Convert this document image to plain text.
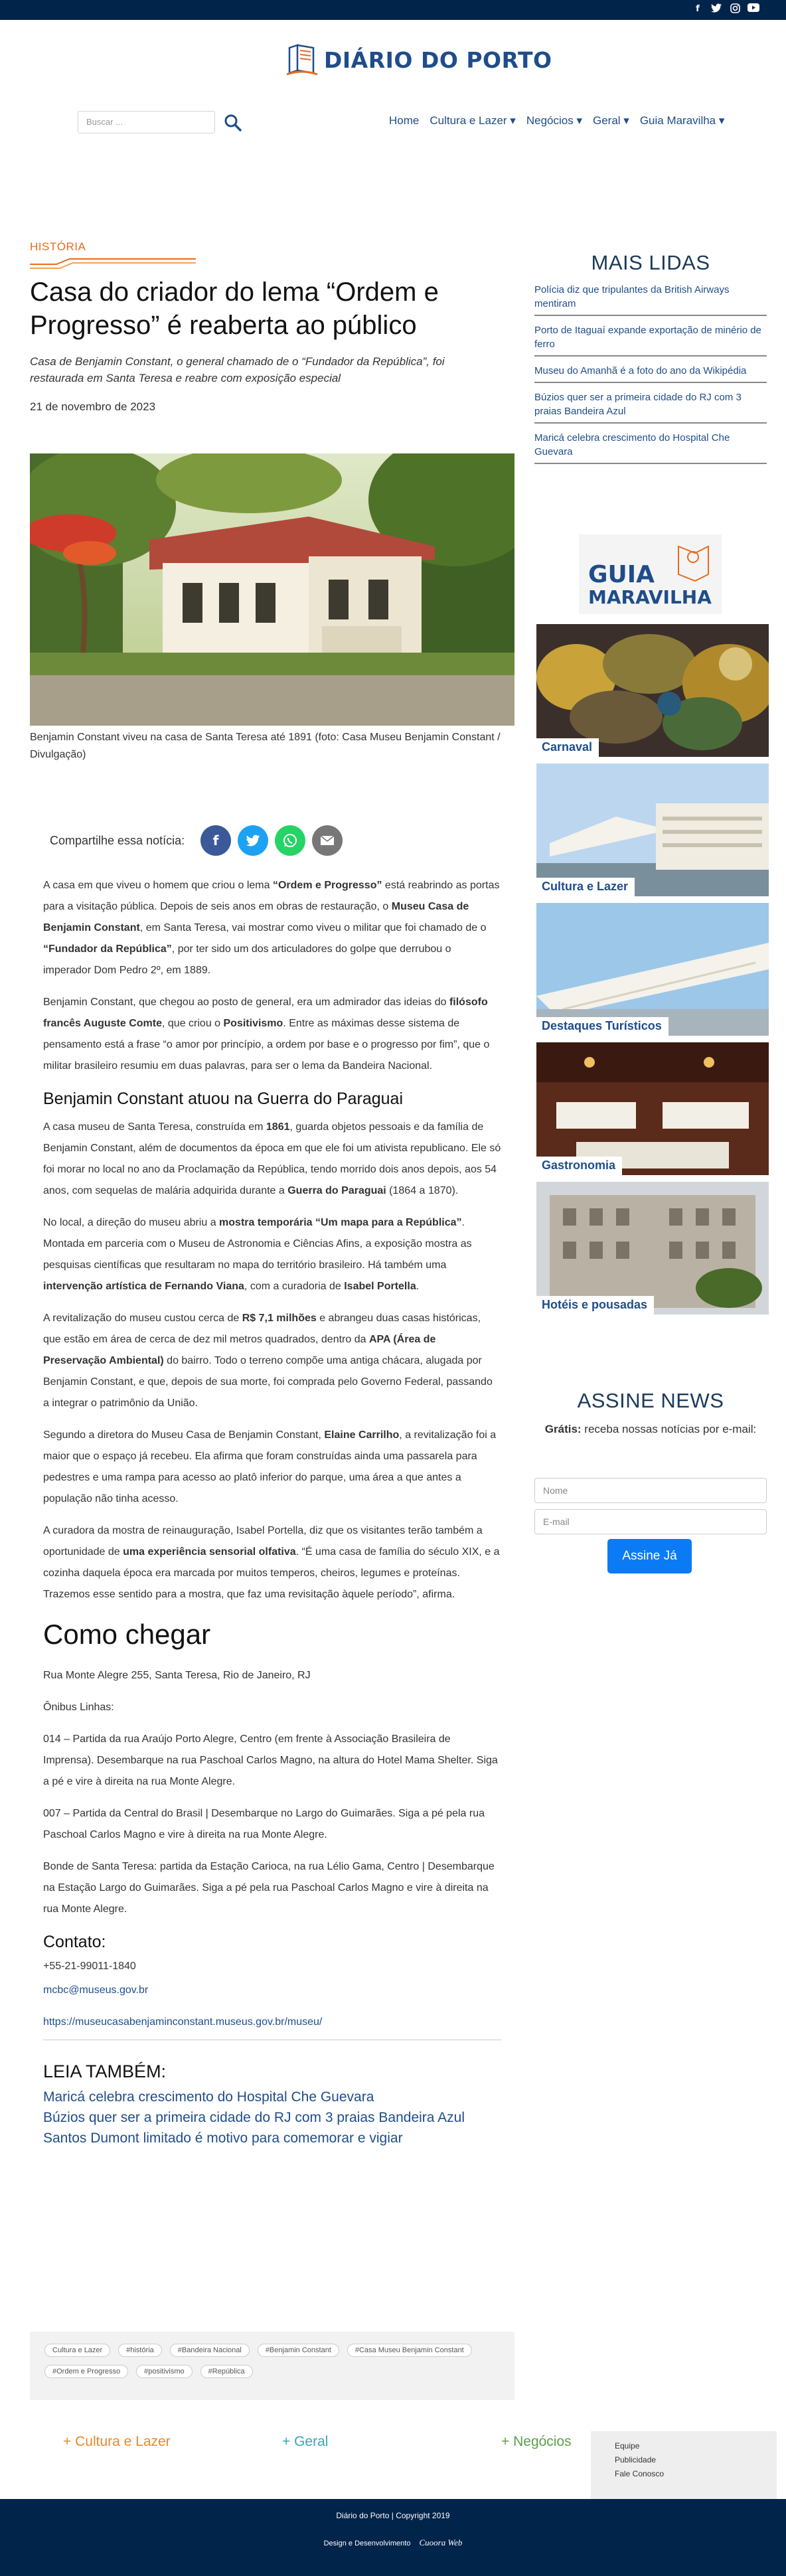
f
DIÁRIO DO PORTO
Buscar ...	Home Cultura e Lazer ▾ Negócios ▾ Geral ▾ Guia Maravilha ▾
HISTÓRIA
Casa do criador do lema “Ordem e Progresso” é reaberta ao público
Casa de Benjamin Constant, o general chamado de o “Fundador da República”, foi restaurada em Santa Teresa e reabre com exposição especial
21 de novembro de 2023
Benjamin Constant viveu na casa de Santa Teresa até 1891 (foto: Casa Museu Benjamin Constant / Divulgação)
Compartilhe essa notícia:	f

A casa em que viveu o homem que criou o lema “Ordem e Progresso” está reabrindo as portas para a visitação pública. Depois de seis anos em obras de restauração, o Museu Casa de Benjamin Constant, em Santa Teresa, vai mostrar como viveu o militar que foi chamado de o “Fundador da República”, por ter sido um dos articuladores do golpe que derrubou o imperador Dom Pedro 2º, em 1889.

Benjamin Constant, que chegou ao posto de general, era um admirador das ideias do filósofo francês Auguste Comte, que criou o Positivismo. Entre as máximas desse sistema de pensamento está a frase “o amor por princípio, a ordem por base e o progresso por fim”, que o militar brasileiro resumiu em duas palavras, para ser o lema da Bandeira Nacional.

Benjamin Constant atuou na Guerra do Paraguai

A casa museu de Santa Teresa, construída em 1861, guarda objetos pessoais e da família de Benjamin Constant, além de documentos da época em que ele foi um ativista republicano. Ele só foi morar no local no ano da Proclamação da República, tendo morrido dois anos depois, aos 54 anos, com sequelas de malária adquirida durante a Guerra do Paraguai (1864 a 1870).

No local, a direção do museu abriu a mostra temporária “Um mapa para a República”. Montada em parceria com o Museu de Astronomia e Ciências Afins, a exposição mostra as pesquisas científicas que resultaram no mapa do território brasileiro. Há também uma intervenção artística de Fernando Viana, com a curadoria de Isabel Portella.

A revitalização do museu custou cerca de R$ 7,1 milhões e abrangeu duas casas históricas, que estão em área de cerca de dez mil metros quadrados, dentro da APA (Área de Preservação Ambiental) do bairro. Todo o terreno compõe uma antiga chácara, alugada por Benjamin Constant, e que, depois de sua morte, foi comprada pelo Governo Federal, passando a integrar o patrimônio da União.

Segundo a diretora do Museu Casa de Benjamin Constant, Elaine Carrilho, a revitalização foi a maior que o espaço já recebeu. Ela afirma que foram construídas ainda uma passarela para pedestres e uma rampa para acesso ao platô inferior do parque, uma área a que antes a população não tinha acesso.

A curadora da mostra de reinauguração, Isabel Portella, diz que os visitantes terão também a oportunidade de uma experiência sensorial olfativa. “É uma casa de família do século XIX, e a cozinha daquela época era marcada por muitos temperos, cheiros, legumes e proteínas. Trazemos esse sentido para a mostra, que faz uma revisitação àquele período”, afirma.

Como chegar

Rua Monte Alegre 255, Santa Teresa, Rio de Janeiro, RJ

Ônibus Linhas:

014 – Partida da rua Araújo Porto Alegre, Centro (em frente à Associação Brasileira de Imprensa). Desembarque na rua Paschoal Carlos Magno, na altura do Hotel Mama Shelter. Siga a pé e vire à direita na rua Monte Alegre.

007 – Partida da Central do Brasil | Desembarque no Largo do Guimarães. Siga a pé pela rua Paschoal Carlos Magno e vire à direita na rua Monte Alegre.

Bonde de Santa Teresa: partida da Estação Carioca, na rua Lélio Gama, Centro | Desembarque na Estação Largo do Guimarães. Siga a pé pela rua Paschoal Carlos Magno e vire à direita na rua Monte Alegre.

Contato:
+55-21-99011-1840
mcbc@museus.gov.br
https://museucasabenjaminconstant.museus.gov.br/museu/
LEIA TAMBÉM:
Maricá celebra crescimento do Hospital Che Guevara
Búzios quer ser a primeira cidade do RJ com 3 praias Bandeira Azul
Santos Dumont limitado é motivo para comemorar e vigiar
Cultura e Lazer	#história	#Bandeira Nacional	#Benjamin Constant	#Casa Museu Benjamin Constant
#Ordem e Progresso	#positivismo	#República
MAIS LIDAS
Polícia diz que tripulantes da British Airways mentiram
Porto de Itaguaí expande exportação de minério de ferro
Museu do Amanhã é a foto do ano da Wikipédia
Búzios quer ser a primeira cidade do RJ com 3 praias Bandeira Azul
Maricá celebra crescimento do Hospital Che Guevara
GUIA
MARAVILHA
Carnaval
Cultura e Lazer
Destaques Turísticos
Gastronomia
Hotéis e pousadas
ASSINE NEWS
Grátis: receba nossas notícias por e-mail:
Nome
E-mail
Assine Já
+ Cultura e Lazer	+ Geral	+ Negócios	Equipe
Publicidade
Fale Conosco
Diário do Porto | Copyright 2019
Design e Desenvolvimento Cuoora Web
